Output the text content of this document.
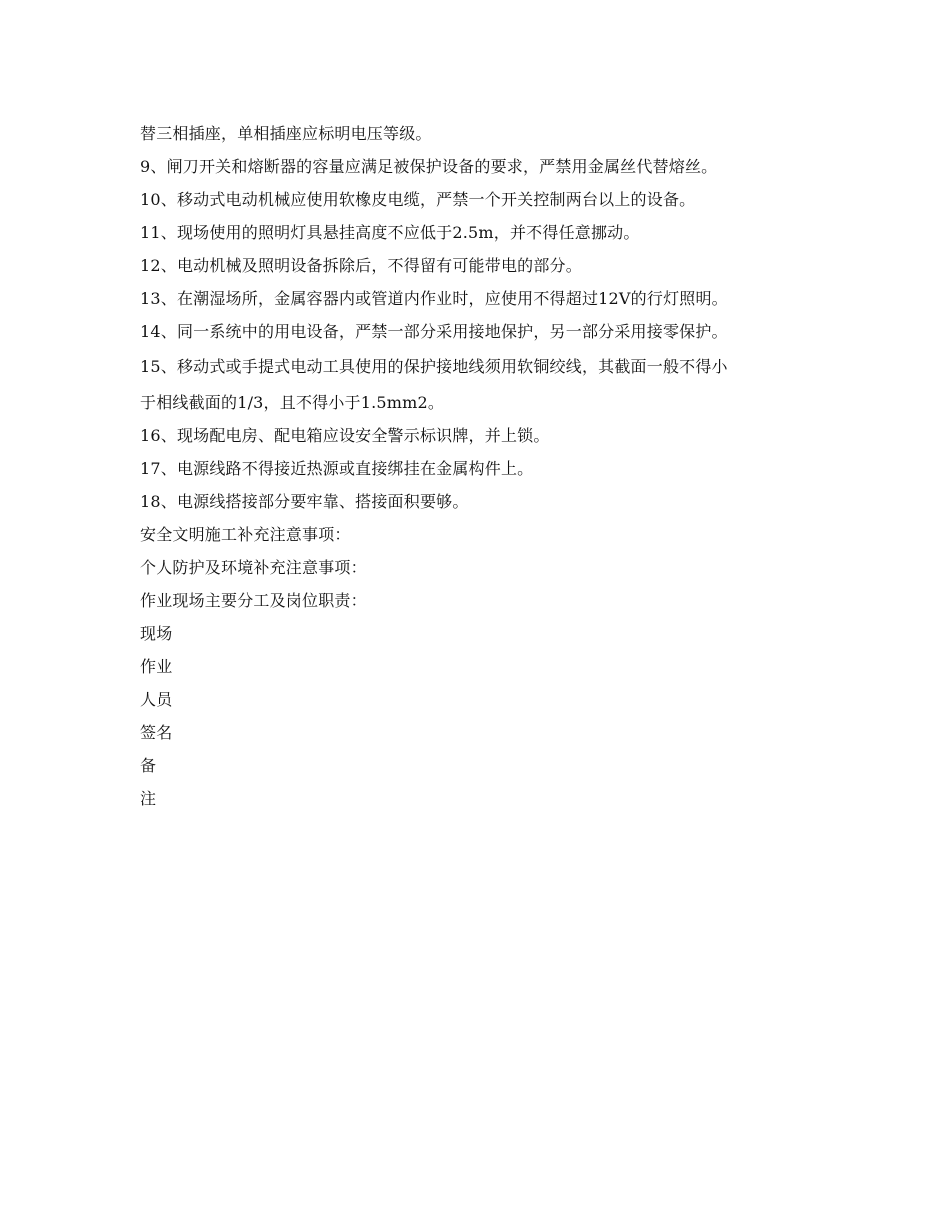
替三相插座，单相插座应标明电压等级。
9、闸刀开关和熔断器的容量应满足被保护设备的要求，严禁用金属丝代替熔丝。
10、移动式电动机械应使用软橡皮电缆，严禁一个开关控制两台以上的设备。
11、现场使用的照明灯具悬挂高度不应低于2.5m，并不得任意挪动。
12、电动机械及照明设备拆除后，不得留有可能带电的部分。
13、在潮湿场所，金属容器内或管道内作业时，应使用不得超过12V的行灯照明。
14、同一系统中的用电设备，严禁一部分采用接地保护，另一部分采用接零保护。
15、移动式或手提式电动工具使用的保护接地线须用软铜绞线，其截面一般不得小
于相线截面的1/3，且不得小于1.5mm2。
16、现场配电房、配电箱应设安全警示标识牌，并上锁。
17、电源线路不得接近热源或直接绑挂在金属构件上。
18、电源线搭接部分要牢靠、搭接面积要够。
安全文明施工补充注意事项：
个人防护及环境补充注意事项：
作业现场主要分工及岗位职责：
现场
作业
人员
签名
备
注
